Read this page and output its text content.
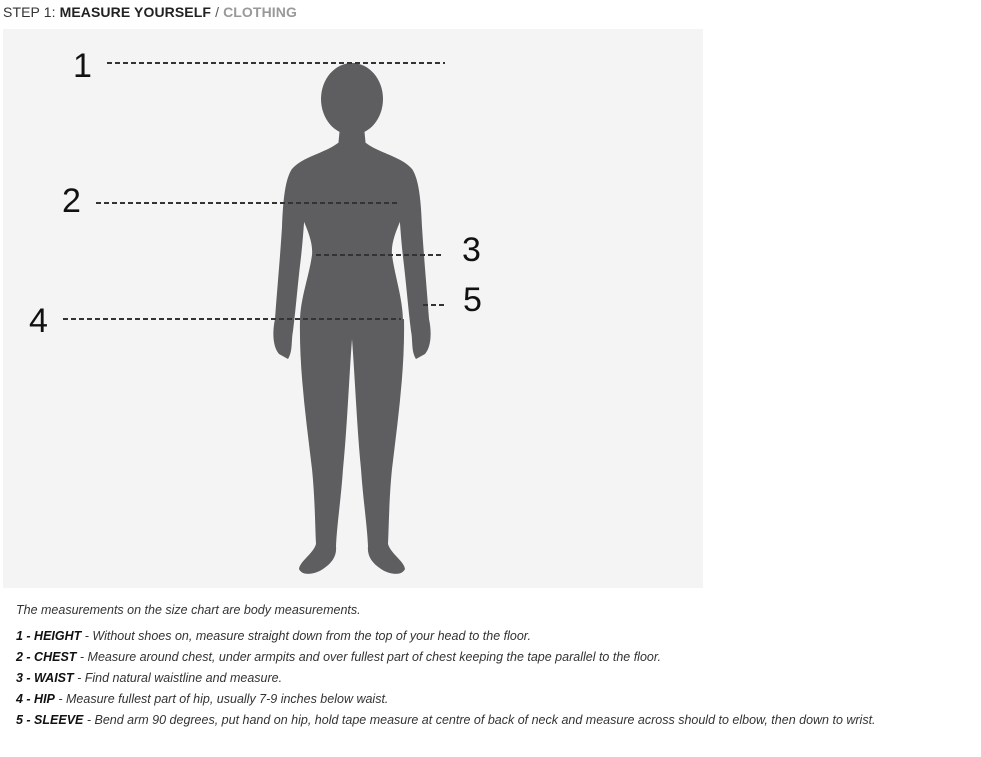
STEP 1: MEASURE YOURSELF / CLOTHING
1
2
3
5
4
The measurements on the size chart are body measurements.
1 - HEIGHT - Without shoes on, measure straight down from the top of your head to the floor.
2 - CHEST - Measure around chest, under armpits and over fullest part of chest keeping the tape parallel to the floor.
3 - WAIST - Find natural waistline and measure.
4 - HIP - Measure fullest part of hip, usually 7-9 inches below waist.
5 - SLEEVE - Bend arm 90 degrees, put hand on hip, hold tape measure at centre of back of neck and measure across should to elbow, then down to wrist.
